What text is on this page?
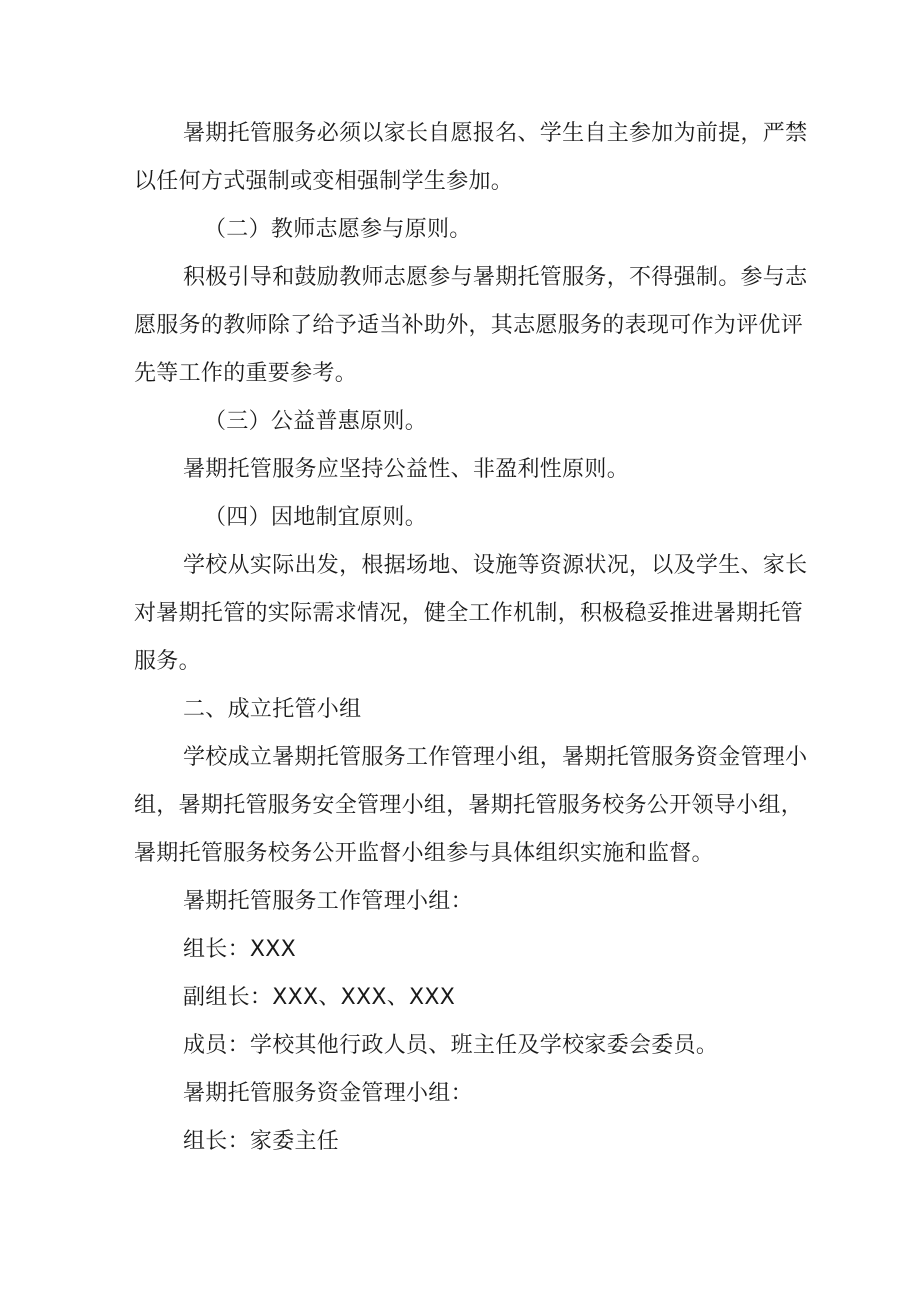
暑期托管服务必须以家长自愿报名、学生自主参加为前提，严禁
以任何方式强制或变相强制学生参加。
（二）教师志愿参与原则。
积极引导和鼓励教师志愿参与暑期托管服务，不得强制。参与志
愿服务的教师除了给予适当补助外，其志愿服务的表现可作为评优评
先等工作的重要参考。
（三）公益普惠原则。
暑期托管服务应坚持公益性、非盈利性原则。
（四）因地制宜原则。
学校从实际出发，根据场地、设施等资源状况，以及学生、家长
对暑期托管的实际需求情况，健全工作机制，积极稳妥推进暑期托管
服务。
二、成立托管小组
学校成立暑期托管服务工作管理小组，暑期托管服务资金管理小
组，暑期托管服务安全管理小组，暑期托管服务校务公开领导小组，
暑期托管服务校务公开监督小组参与具体组织实施和监督。
暑期托管服务工作管理小组：
组长：XXX
副组长：XXX、XXX、XXX
成员：学校其他行政人员、班主任及学校家委会委员。
暑期托管服务资金管理小组：
组长：家委主任
